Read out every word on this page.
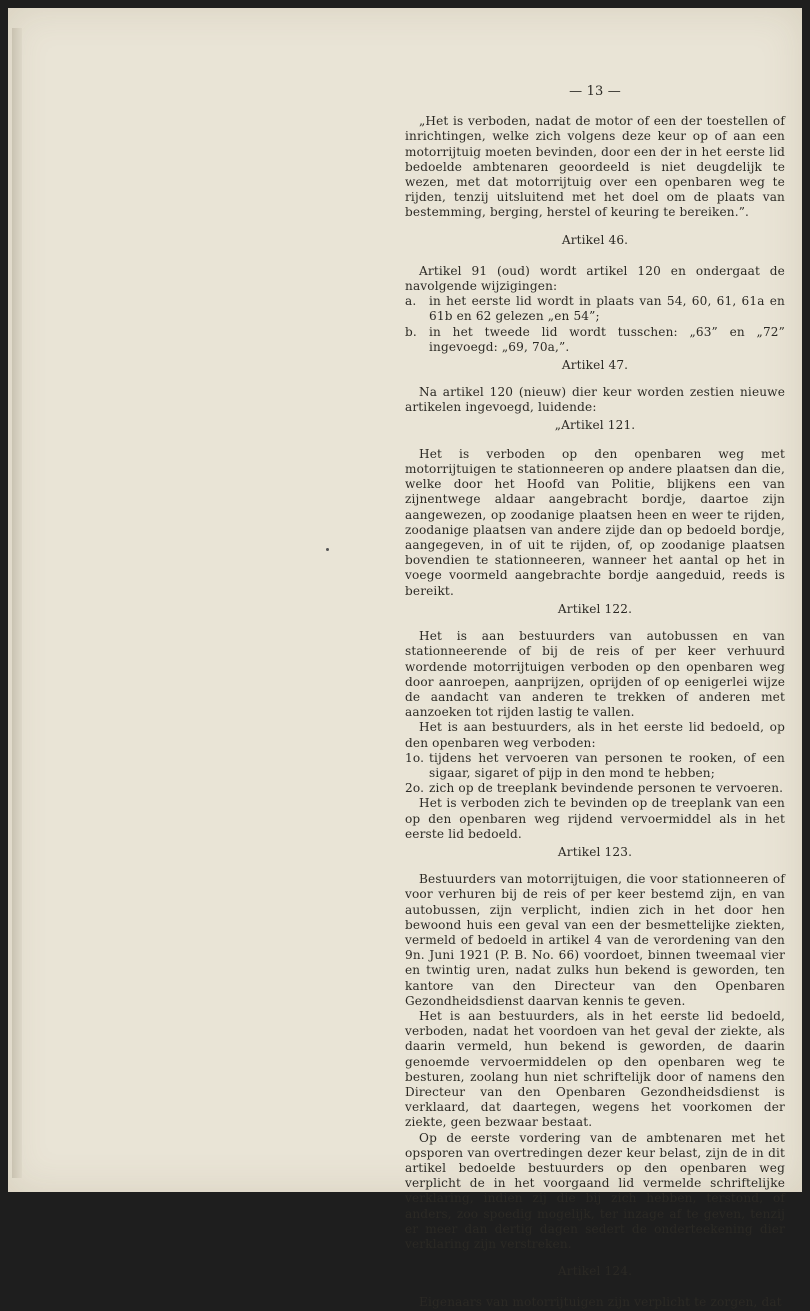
— 13 —

„Het is verboden, nadat de motor of een der toestellen of inrichtingen, welke zich volgens deze keur op of aan een motorrijtuig moeten bevinden, door een der in het eerste lid bedoelde ambtenaren geoordeeld is niet deugdelijk te wezen, met dat motorrijtuig over een openbaren weg te rijden, tenzij uitsluitend met het doel om de plaats van bestemming, berging, herstel of keuring te bereiken.”.

Artikel 46.

Artikel 91 (oud) wordt artikel 120 en ondergaat de navolgende wijzigingen:

a.	in het eerste lid wordt in plaats van 54, 60, 61, 61a en 61b en 62 gelezen „en 54”;
b.	in het tweede lid wordt tusschen: „63” en „72” ingevoegd: „69, 70a,”.
Artikel 47.

Na artikel 120 (nieuw) dier keur worden zestien nieuwe artikelen ingevoegd, luidende:

„Artikel 121.

Het is verboden op den openbaren weg met motorrijtuigen te stationneeren op andere plaatsen dan die, welke door het Hoofd van Politie, blijkens een van zijnentwege aldaar aangebracht bordje, daartoe zijn aangewezen, op zoodanige plaatsen heen en weer te rijden, zoodanige plaatsen van andere zijde dan op bedoeld bordje, aangegeven, in of uit te rijden, of, op zoodanige plaatsen bovendien te stationneeren, wanneer het aantal op het in voege voormeld aangebrachte bordje aangeduid, reeds is bereikt.

Artikel 122.

Het is aan bestuurders van autobussen en van stationneerende of bij de reis of per keer verhuurd wordende motorrijtuigen verboden op den openbaren weg door aanroepen, aanprijzen, oprijden of op eenigerlei wijze de aandacht van anderen te trekken of anderen met aanzoeken tot rijden lastig te vallen.

Het is aan bestuurders, als in het eerste lid bedoeld, op den openbaren weg verboden:

1o. tijdens het vervoeren van personen te rooken, of een sigaar, sigaret of pijp in den mond te hebben;
2o. zich op de treeplank bevindende personen te vervoeren.

Het is verboden zich te bevinden op de treeplank van een op den openbaren weg rijdend vervoermiddel als in het eerste lid bedoeld.

Artikel 123.

Bestuurders van motorrijtuigen, die voor stationneeren of voor verhuren bij de reis of per keer bestemd zijn, en van autobussen, zijn verplicht, indien zich in het door hen bewoond huis een geval van een der besmettelijke ziekten, vermeld of bedoeld in artikel 4 van de verordening van den 9n. Juni 1921 (P. B. No. 66) voordoet, binnen tweemaal vier en twintig uren, nadat zulks hun bekend is geworden, ten kantore van den Directeur van den Openbaren Gezondheidsdienst daarvan kennis te geven.

Het is aan bestuurders, als in het eerste lid bedoeld, verboden, nadat het voordoen van het geval der ziekte, als daarin vermeld, hun bekend is geworden, de daarin genoemde vervoermiddelen op den openbaren weg te besturen, zoolang hun niet schriftelijk door of namens den Directeur van den Openbaren Gezondheidsdienst is verklaard, dat daartegen, wegens het voorkomen der ziekte, geen bezwaar bestaat.

Op de eerste vordering van de ambtenaren met het opsporen van overtredingen dezer keur belast, zijn de in dit artikel bedoelde bestuurders op den openbaren weg verplicht de in het voorgaand lid vermelde schriftelijke verklaring, indien zij die bij zich hebben, terstond, of anders, zoo spoedig mogelijk, ter inzage af te geven, tenzij er meer dan dertig dagen sedert de onderteekening dier verklaring zijn verstreken.

Artikel 124.

Eigenaars van motorrijtuigen zijn verplicht te zorgen, dat
